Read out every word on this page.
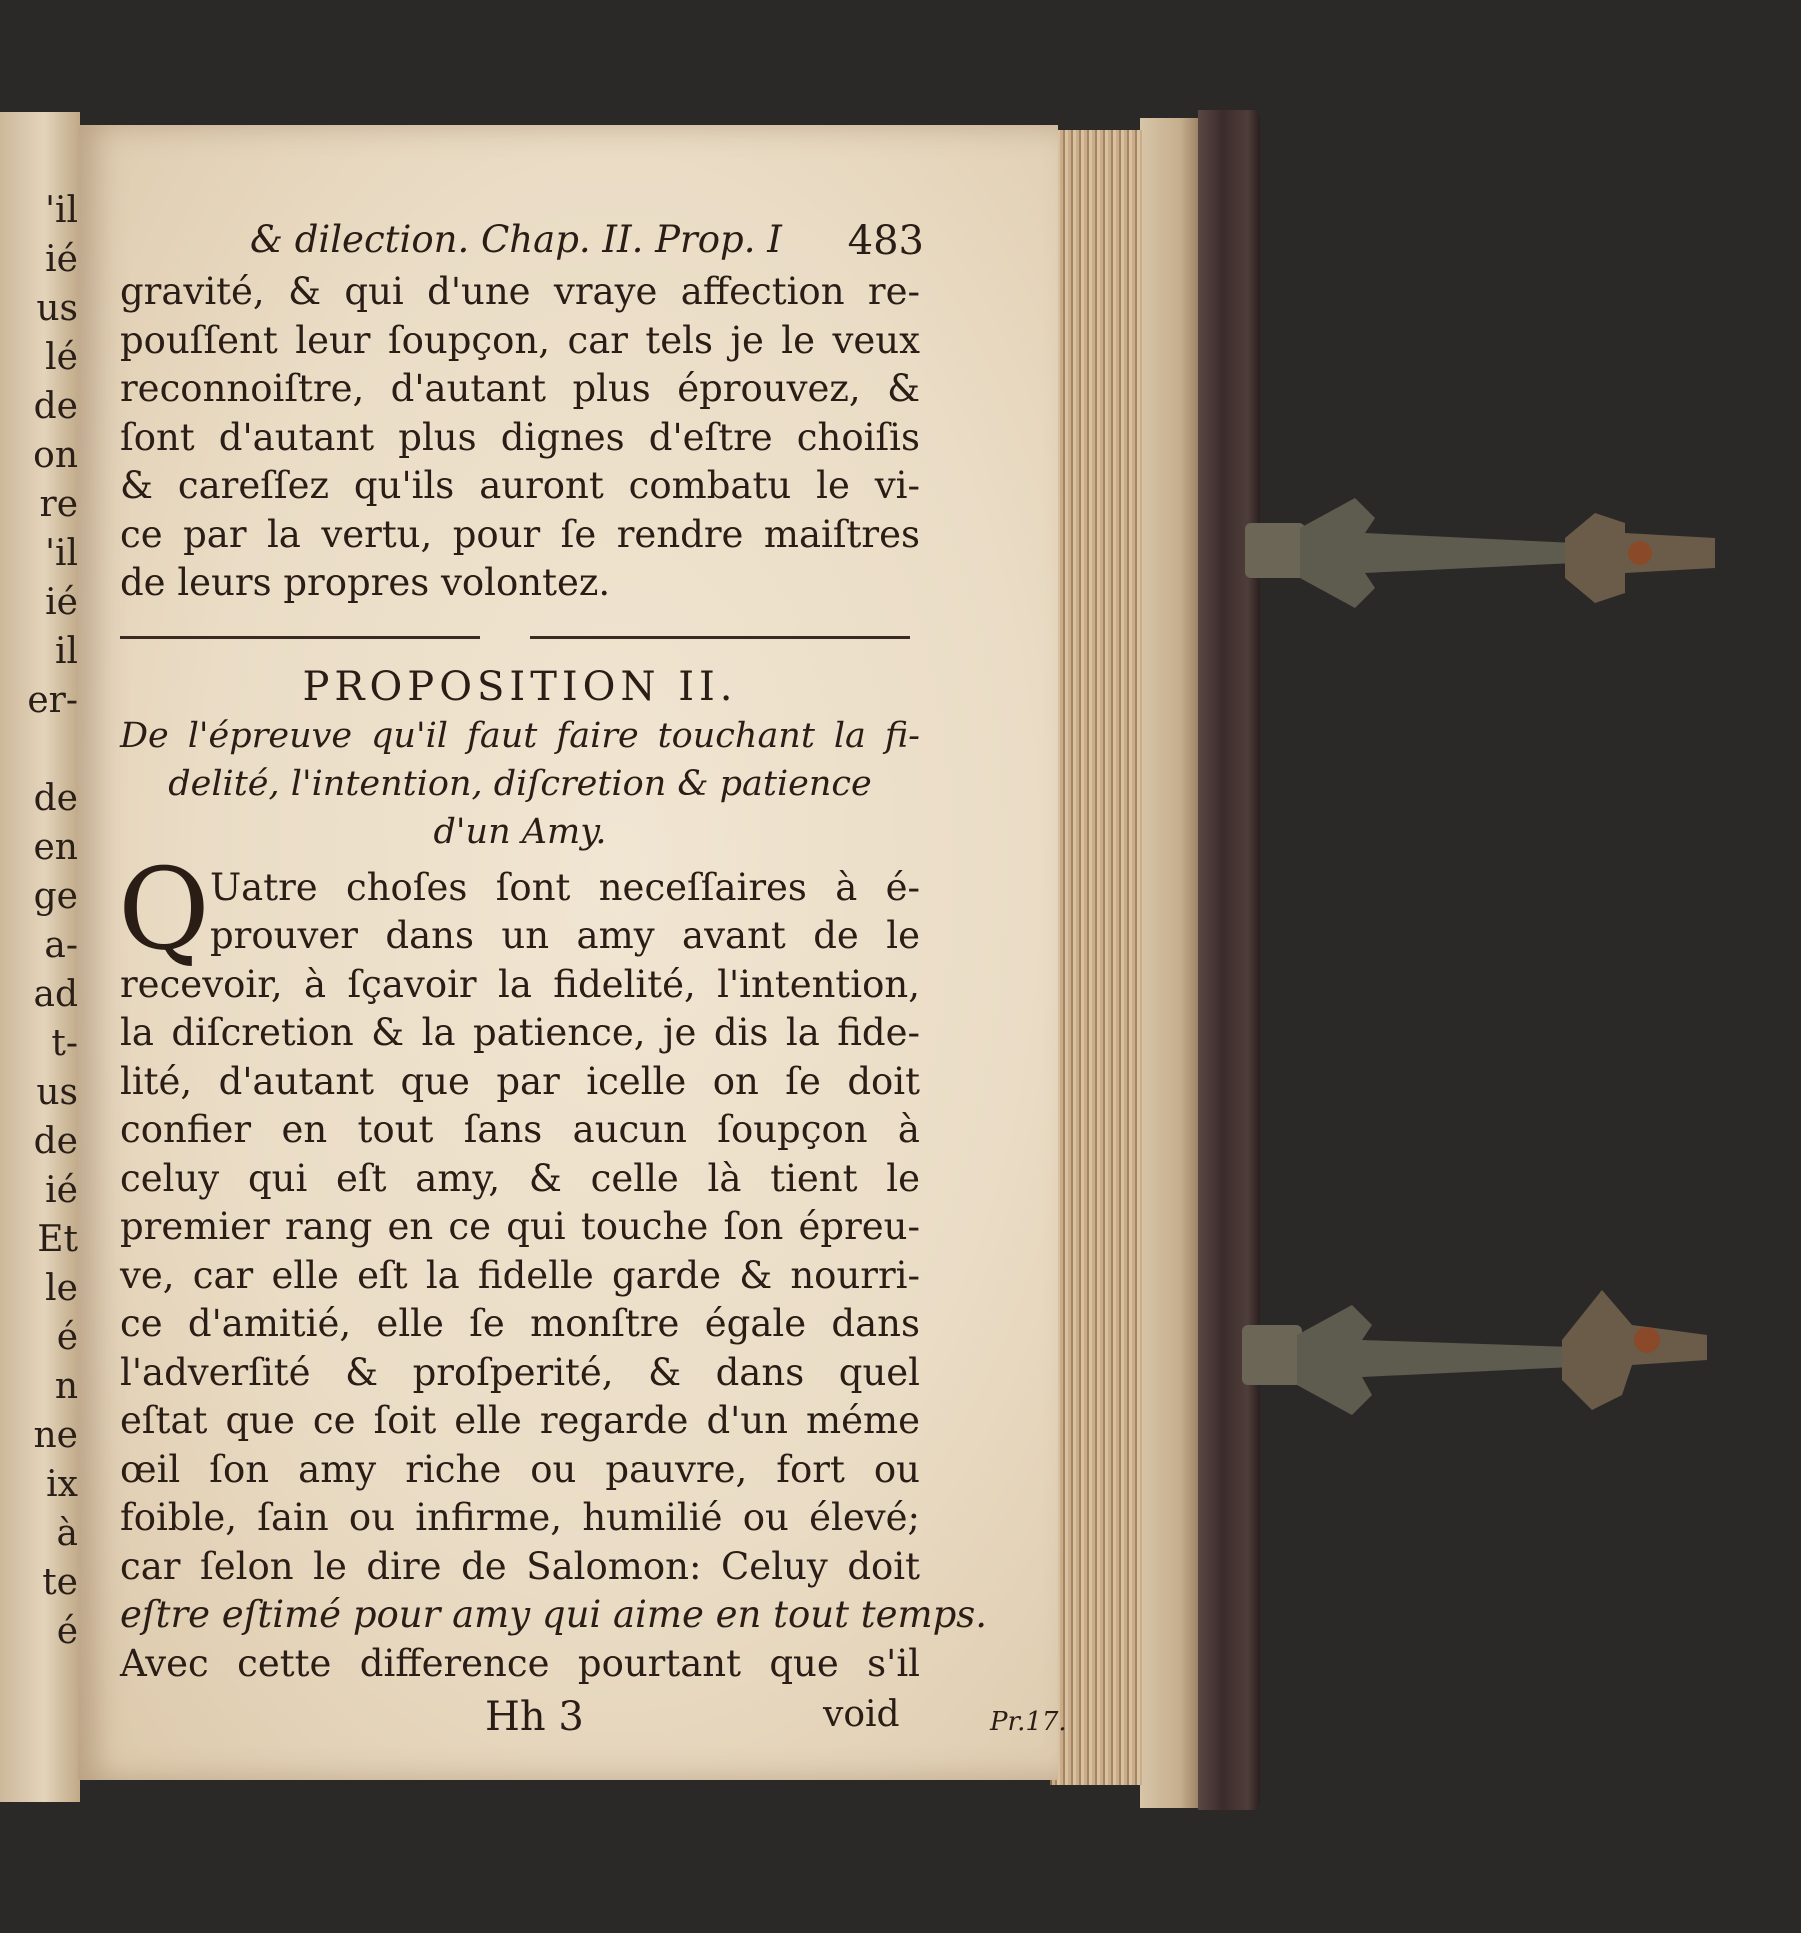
'il
ié
us
lé
de
on
re
'il
ié
il
er-
de
en
ge
a-
ad
t-
us
de
ié
Et
le
é
n
ne
ix
à
te
é
& dilection. Chap. II. Prop. I 483
gravité, & qui d'une vraye affection re-
pouſſent leur ſoupçon, car tels je le veux
reconnoiſtre, d'autant plus éprouvez, &
ſont d'autant plus dignes d'eſtre choiſis
& careſſez qu'ils auront combatu le vi-
ce par la vertu, pour ſe rendre maiſtres
de leurs propres volontez.
PROPOSITION II.
De l'épreuve qu'il faut faire touchant la fi-
delité, l'intention, diſcretion & patience
d'un Amy.
Q Uatre choſes ſont neceſſaires à é-
prouver dans un amy avant de le
recevoir, à ſçavoir la fidelité, l'intention,
la diſcretion & la patience, je dis la fide-
lité, d'autant que par icelle on ſe doit
confier en tout ſans aucun ſoupçon à
celuy qui eſt amy, & celle là tient le
premier rang en ce qui touche ſon épreu-
ve, car elle eſt la fidelle garde & nourri-
ce d'amitié, elle ſe monſtre égale dans
l'adverſité & proſperité, & dans quel
eſtat que ce ſoit elle regarde d'un méme
œil ſon amy riche ou pauvre, fort ou
foible, ſain ou infirme, humilié ou élevé;
car ſelon le dire de Salomon: Celuy doit
eſtre eſtimé pour amy qui aime en tout temps.
Avec cette difference pourtant que s'il
Pr.17.
Hh 3	void
